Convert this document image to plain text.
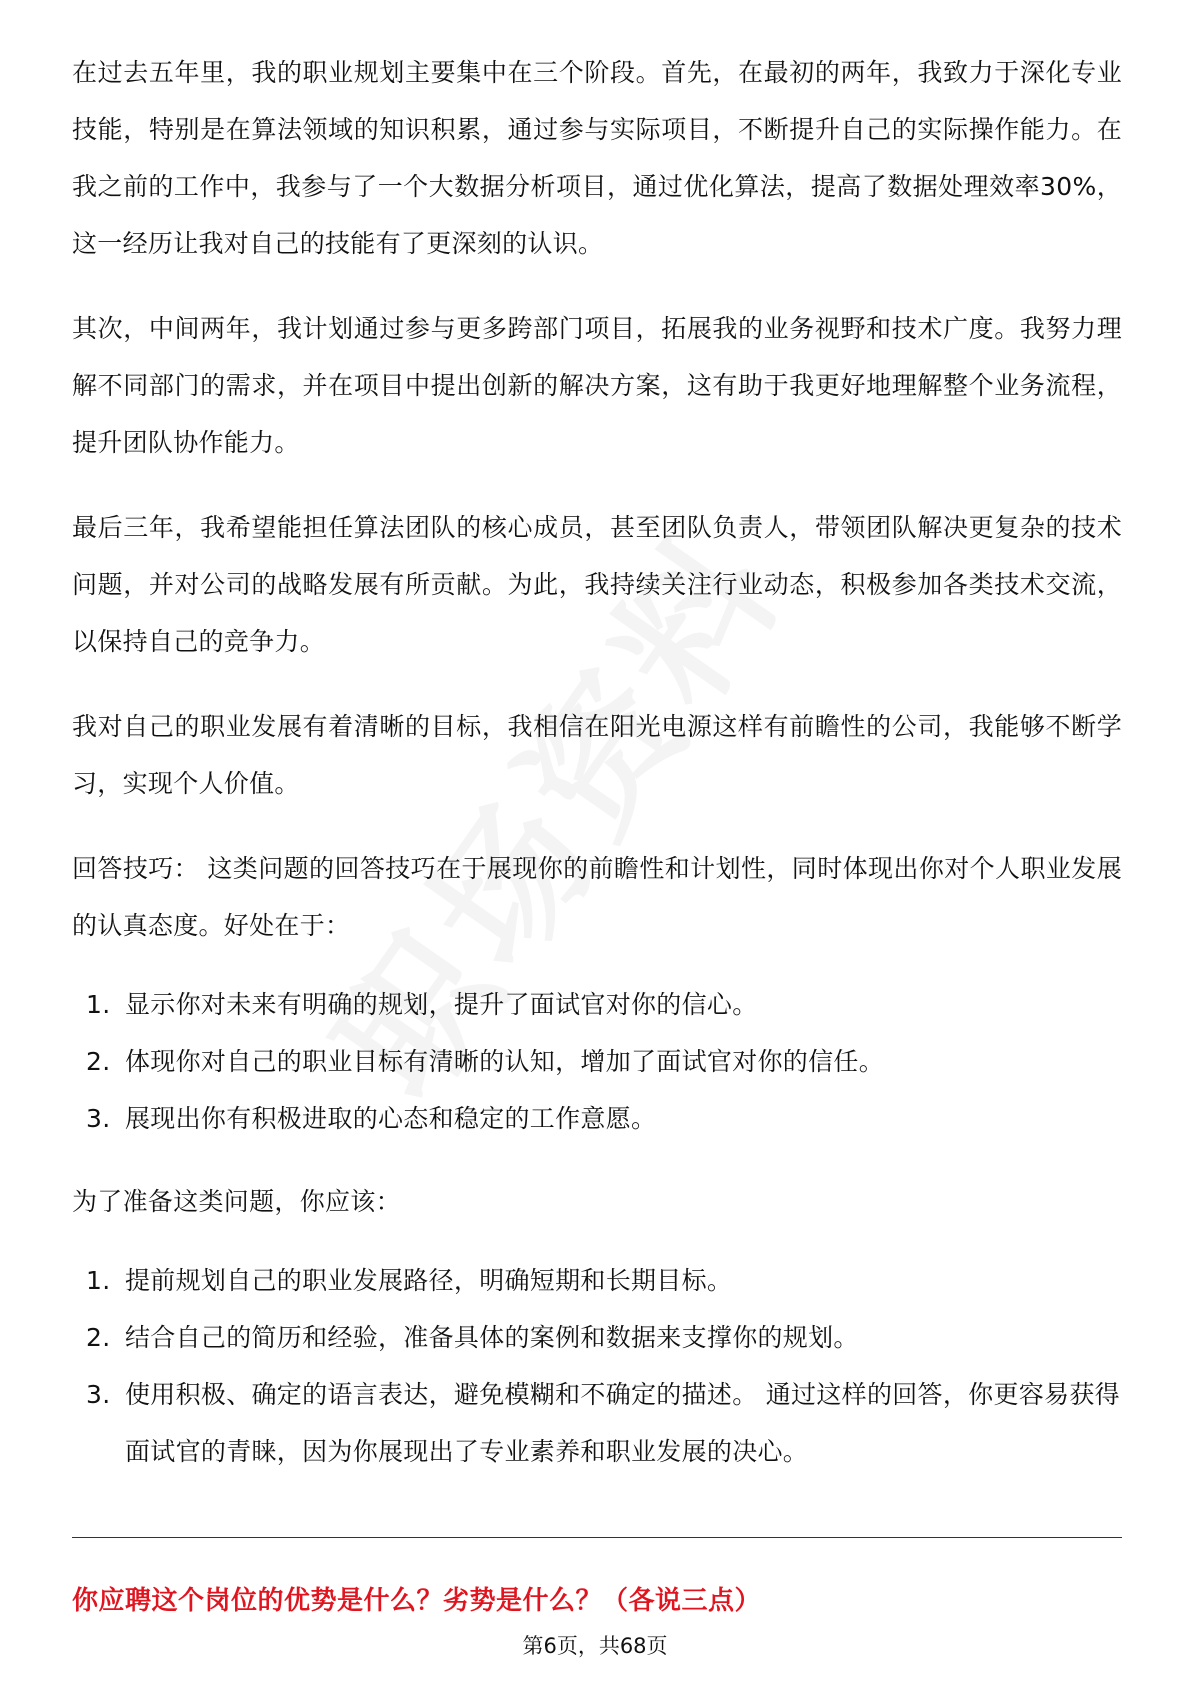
在过去五年里，我的职业规划主要集中在三个阶段。首先，在最初的两年，我致力于深化专业技能，特别是在算法领域的知识积累，通过参与实际项目，不断提升自己的实际操作能力。在我之前的工作中，我参与了一个大数据分析项目，通过优化算法，提高了数据处理效率30%，这一经历让我对自己的技能有了更深刻的认识。

其次，中间两年，我计划通过参与更多跨部门项目，拓展我的业务视野和技术广度。我努力理解不同部门的需求，并在项目中提出创新的解决方案，这有助于我更好地理解整个业务流程，提升团队协作能力。

最后三年，我希望能担任算法团队的核心成员，甚至团队负责人，带领团队解决更复杂的技术问题，并对公司的战略发展有所贡献。为此，我持续关注行业动态，积极参加各类技术交流，以保持自己的竞争力。

我对自己的职业发展有着清晰的目标，我相信在阳光电源这样有前瞻性的公司，我能够不断学习，实现个人价值。

回答技巧： 这类问题的回答技巧在于展现你的前瞻性和计划性，同时体现出你对个人职业发展的认真态度。好处在于：

1. 显示你对未来有明确的规划，提升了面试官对你的信心。
2. 体现你对自己的职业目标有清晰的认知，增加了面试官对你的信任。
3. 展现出你有积极进取的心态和稳定的工作意愿。

为了准备这类问题，你应该：

1. 提前规划自己的职业发展路径，明确短期和长期目标。
2. 结合自己的简历和经验，准备具体的案例和数据来支撑你的规划。
3. 使用积极、确定的语言表达，避免模糊和不确定的描述。 通过这样的回答，你更容易获得面试官的青睐，因为你展现出了专业素养和职业发展的决心。

你应聘这个岗位的优势是什么？劣势是什么？（各说三点）

第6页，共68页
